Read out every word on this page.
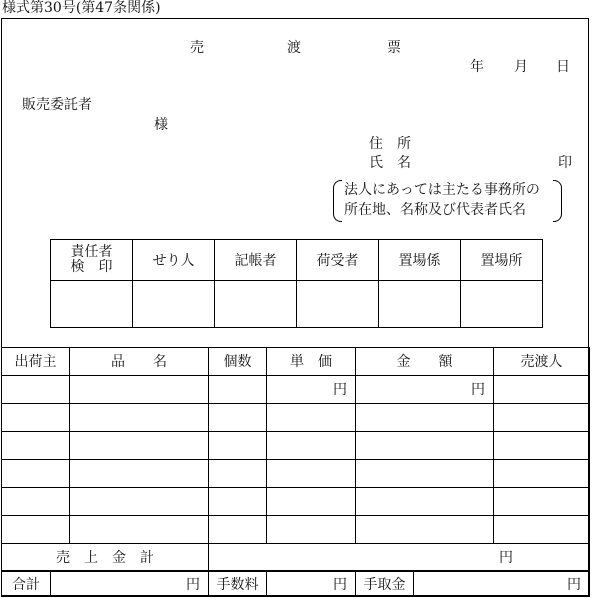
様式第30号(第47条関係)
売	渡	票
年 月 日
販売委託者
様
住　所
氏　名	印
法人にあっては主たる事務所の
所在地、名称及び代表者氏名
責任者 検　印	せり人	記帳者	荷受者	置場係	置場所

出荷主	品　　名	個数	単　価	金　　額	売渡人
			円	円	

売　上　金　計		円			
合計	円	手数料	円	手取金	円
